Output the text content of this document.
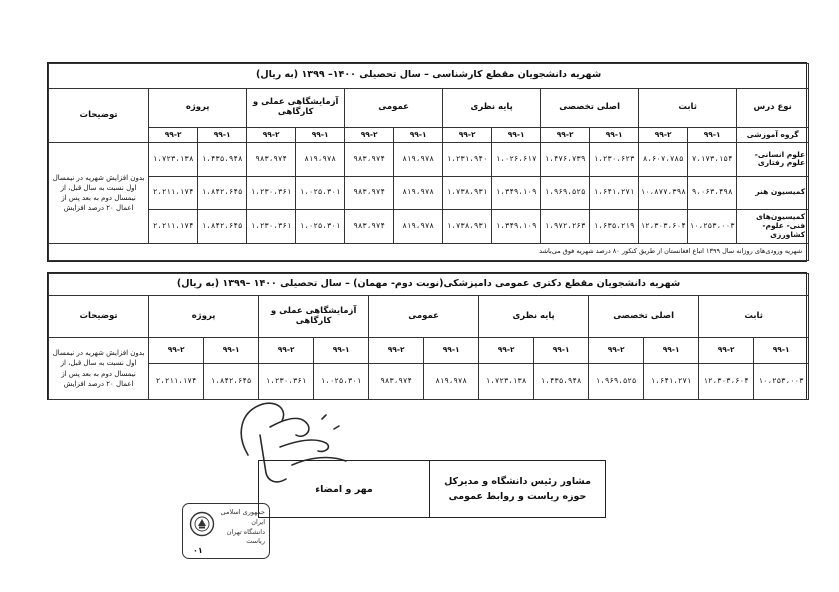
شهریه دانشجویان مقطع کارشناسی – سال تحصیلی ۱۴۰۰– ۱۳۹۹ (به ریال)													
نوع درس	ثابت		اصلی تخصصی		پایه نظری		عمومی		آزمایشگاهی عملی و کارگاهی		پروژه		توضیحات
گروه آموزشی	۹۹-۱	۹۹-۲	۹۹-۱	۹۹-۲	۹۹-۱	۹۹-۲	۹۹-۱	۹۹-۲	۹۹-۱	۹۹-۲	۹۹-۱	۹۹-۲	
علوم انسانی- علوم رفتاری	۷،۱۷۳،۱۵۴	۸،۶۰۷،۷۸۵	۱،۲۳۰،۶۲۳	۱،۴۷۶،۷۳۹	۱،۰۲۶،۶۱۷	۱،۲۳۱،۹۴۰	۸۱۹،۹۷۸	۹۸۳،۹۷۴	۸۱۹،۹۷۸	۹۸۳،۹۷۴	۱،۴۳۵،۹۴۸	۱،۷۲۳،۱۳۸	بدون افزایش شهریه در نیمسال اول نسبت به سال قبل، از نیمسال دوم به بعد پس از اعمال ۲۰ درصد افزایش
کمیسیون هنر	۹،۰۶۳،۴۹۸	۱۰،۸۷۷،۳۹۸	۱،۶۴۱،۲۷۱	۱،۹۶۹،۵۲۵	۱،۳۴۹،۱۰۹	۱،۷۳۸،۹۳۱	۸۱۹،۹۷۸	۹۸۳،۹۷۴	۱،۰۲۵،۳۰۱	۱،۲۳۰،۳۶۱	۱،۸۴۲،۶۴۵	۲،۲۱۱،۱۷۴	
کمیسیون‌های فنی- علوم- کشاورزی	۱۰،۲۵۳،۰۰۳	۱۲،۳۰۳،۶۰۴	۱،۶۳۵،۲۱۹	۱،۹۷۲،۲۶۳	۱،۳۴۹،۱۰۹	۱،۷۳۸،۹۳۱	۸۱۹،۹۷۸	۹۸۳،۹۷۴	۱،۰۲۵،۳۰۱	۱،۲۳۰،۳۶۱	۱،۸۴۲،۶۴۵	۲،۲۱۱،۱۷۴	
شهریه ورودی‌های روزانه سال ۱۳۹۹ اتباع افغانستان از طریق کنکور ۸۰ درصد شهریه فوق می‌باشد													
شهریه دانشجویان مقطع دکتری عمومی دامپزشکی(نوبت دوم- مهمان) – سال تحصیلی ۱۴۰۰ –۱۳۹۹ (به ریال)												
ثابت		اصلی تخصصی		پایه نظری		عمومی		آزمایشگاهی عملی و کارگاهی		پروژه		توضیحات
۹۹-۱	۹۹-۲	۹۹-۱	۹۹-۲	۹۹-۱	۹۹-۲	۹۹-۱	۹۹-۲	۹۹-۱	۹۹-۲	۹۹-۱	۹۹-۲	بدون افزایش شهریه در نیمسال اول نسبت به سال قبل، از نیمسال دوم به بعد پس از اعمال ۲۰ درصد افزایش
۱۰،۲۵۳،۰۰۳	۱۲،۳۰۳،۶۰۴	۱،۶۴۱،۲۷۱	۱،۹۶۹،۵۲۵	۱،۴۳۵،۹۴۸	۱،۷۲۳،۱۳۸	۸۱۹،۹۷۸	۹۸۳،۹۷۴	۱،۰۲۵،۳۰۱	۱،۲۳۰،۳۶۱	۱،۸۴۲،۶۴۵	۲،۲۱۱،۱۷۴	
مشاور رئیس دانشگاه و مدیرکل
حوزه ریاست و روابط عمومی
مهر و امضاء
جمهوری اسلامی ایران
دانشگاه تهران
ریاست
۰۱
